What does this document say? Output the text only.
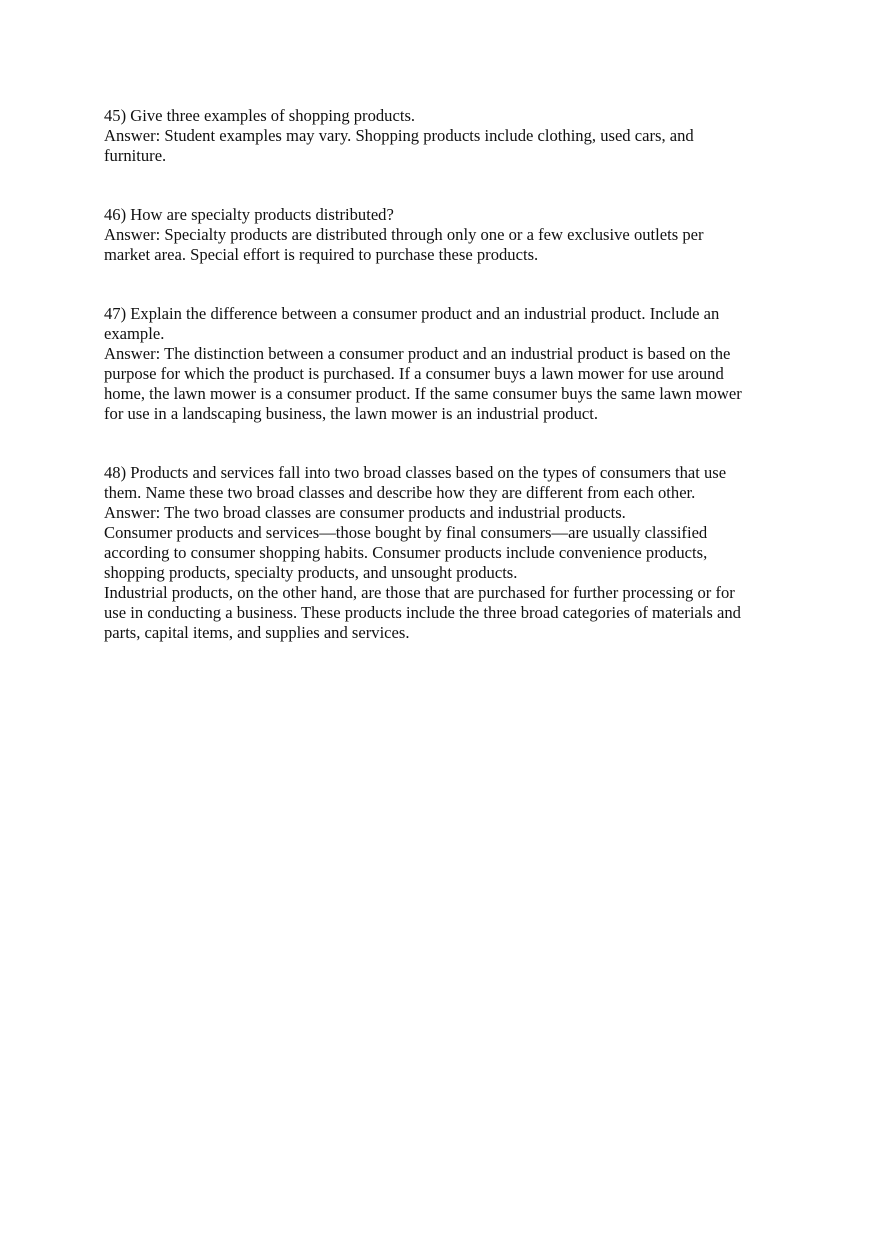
45) Give three examples of shopping products.
Answer: Student examples may vary. Shopping products include clothing, used cars, and
furniture.
46) How are specialty products distributed?
Answer: Specialty products are distributed through only one or a few exclusive outlets per
market area. Special effort is required to purchase these products.
47) Explain the difference between a consumer product and an industrial product. Include an
example.
Answer: The distinction between a consumer product and an industrial product is based on the
purpose for which the product is purchased. If a consumer buys a lawn mower for use around
home, the lawn mower is a consumer product. If the same consumer buys the same lawn mower
for use in a landscaping business, the lawn mower is an industrial product.
48) Products and services fall into two broad classes based on the types of consumers that use
them. Name these two broad classes and describe how they are different from each other.
Answer: The two broad classes are consumer products and industrial products.
Consumer products and services—those bought by final consumers—are usually classified
according to consumer shopping habits. Consumer products include convenience products,
shopping products, specialty products, and unsought products.
Industrial products, on the other hand, are those that are purchased for further processing or for
use in conducting a business. These products include the three broad categories of materials and
parts, capital items, and supplies and services.
